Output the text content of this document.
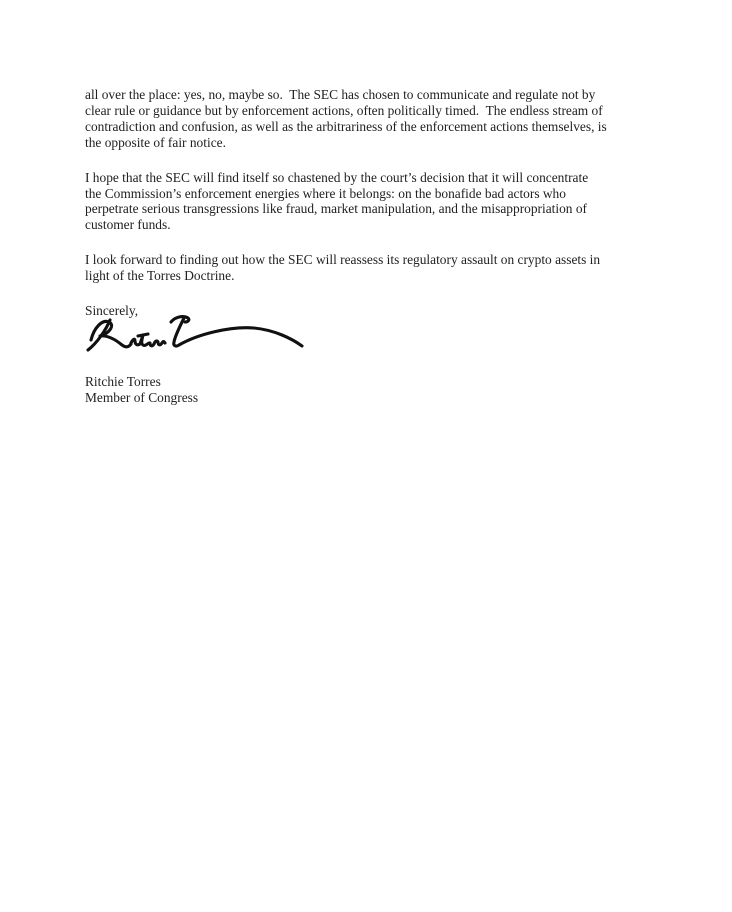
all over the place: yes, no, maybe so.  The SEC has chosen to communicate and regulate not by
clear rule or guidance but by enforcement actions, often politically timed.  The endless stream of
contradiction and confusion, as well as the arbitrariness of the enforcement actions themselves, is
the opposite of fair notice.

I hope that the SEC will find itself so chastened by the court’s decision that it will concentrate
the Commission’s enforcement energies where it belongs: on the bonafide bad actors who
perpetrate serious transgressions like fraud, market manipulation, and the misappropriation of
customer funds.

I look forward to finding out how the SEC will reassess its regulatory assault on crypto assets in
light of the Torres Doctrine.

Sincerely,

Ritchie Torres
Member of Congress
